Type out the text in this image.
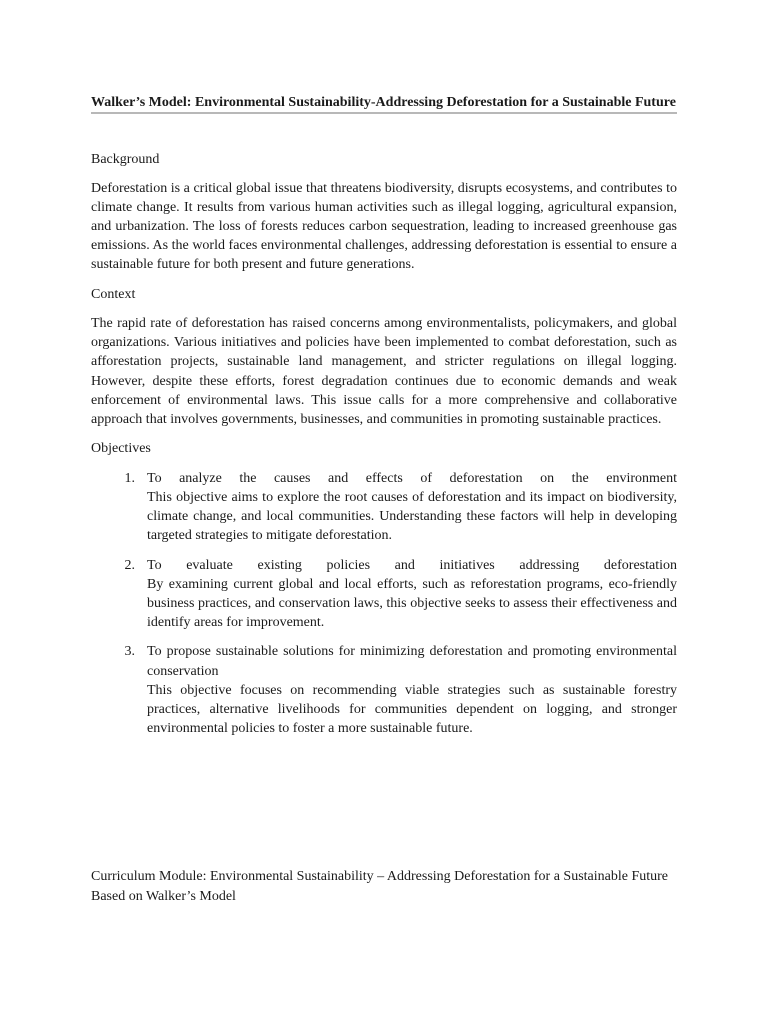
Walker’s Model: Environmental Sustainability-Addressing Deforestation for a Sustainable Future

Background

Deforestation is a critical global issue that threatens biodiversity, disrupts ecosystems, and contributes to climate change. It results from various human activities such as illegal logging, agricultural expansion, and urbanization. The loss of forests reduces carbon sequestration, leading to increased greenhouse gas emissions. As the world faces environmental challenges, addressing deforestation is essential to ensure a sustainable future for both present and future generations.

Context

The rapid rate of deforestation has raised concerns among environmentalists, policymakers, and global organizations. Various initiatives and policies have been implemented to combat deforestation, such as afforestation projects, sustainable land management, and stricter regulations on illegal logging. However, despite these efforts, forest degradation continues due to economic demands and weak enforcement of environmental laws. This issue calls for a more comprehensive and collaborative approach that involves governments, businesses, and communities in promoting sustainable practices.

Objectives

1. To analyze the causes and effects of deforestation on the environment
This objective aims to explore the root causes of deforestation and its impact on biodiversity, climate change, and local communities. Understanding these factors will help in developing targeted strategies to mitigate deforestation.
2. To evaluate existing policies and initiatives addressing deforestation
By examining current global and local efforts, such as reforestation programs, eco-friendly business practices, and conservation laws, this objective seeks to assess their effectiveness and identify areas for improvement.
3. To propose sustainable solutions for minimizing deforestation and promoting environmental conservation
This objective focuses on recommending viable strategies such as sustainable forestry practices, alternative livelihoods for communities dependent on logging, and stronger environmental policies to foster a more sustainable future.

Curriculum Module: Environmental Sustainability – Addressing Deforestation for a Sustainable Future

Based on Walker’s Model
